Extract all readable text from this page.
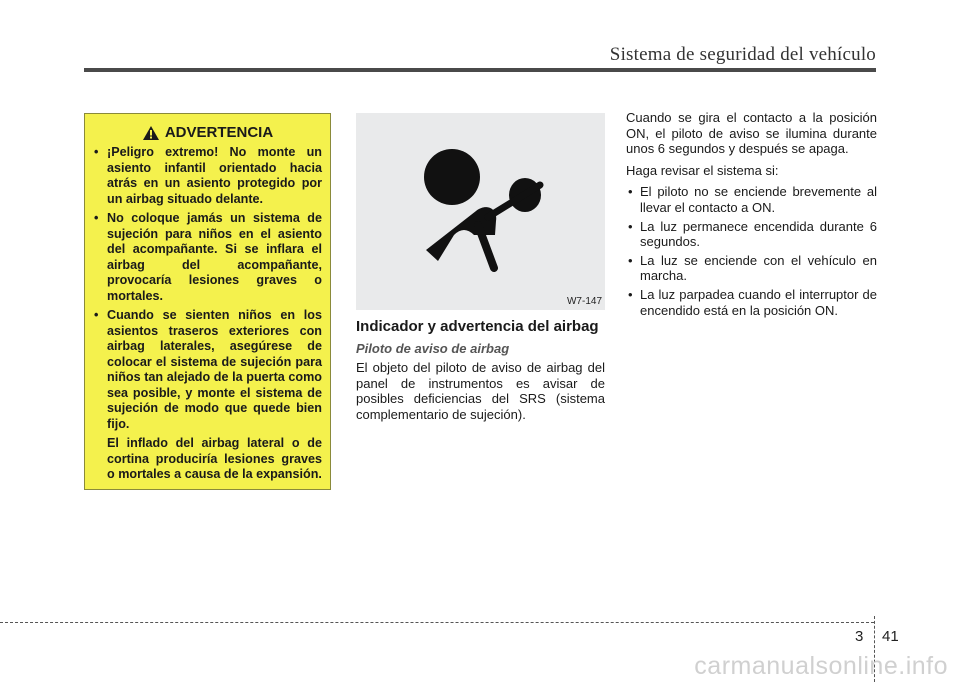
Sistema de seguridad del vehículo
ADVERTENCIA
• ¡Peligro extremo! No monte un asiento infantil orientado hacia atrás en un asiento protegido por un airbag situado delante.
• No coloque jamás un sistema de sujeción para niños en el asiento del acompañante. Si se inflara el airbag del acompañante, provocaría lesiones graves o mortales.
• Cuando se sienten niños en los asientos traseros exteriores con airbag laterales, asegúrese de colocar el sistema de sujeción para niños tan alejado de la puerta como sea posible, y monte el sistema de sujeción de modo que quede bien fijo.
El inflado del airbag lateral o de cortina produciría lesiones graves o mortales a causa de la expansión.
W7-147
Indicador y advertencia del airbag
Piloto de aviso de airbag

El objeto del piloto de aviso de airbag del panel de instrumentos es avisar de posibles deficiencias del SRS (sistema complementario de sujeción).

Cuando se gira el contacto a la posición ON, el piloto de aviso se ilumina durante unos 6 segundos y después se apaga.

Haga revisar el sistema si:

• El piloto no se enciende brevemente al llevar el contacto a ON.
• La luz permanece encendida durante 6 segundos.
• La luz se enciende con el vehículo en marcha.
• La luz parpadea cuando el interruptor de encendido está en la posición ON.
3 41
carmanualsonline.info
